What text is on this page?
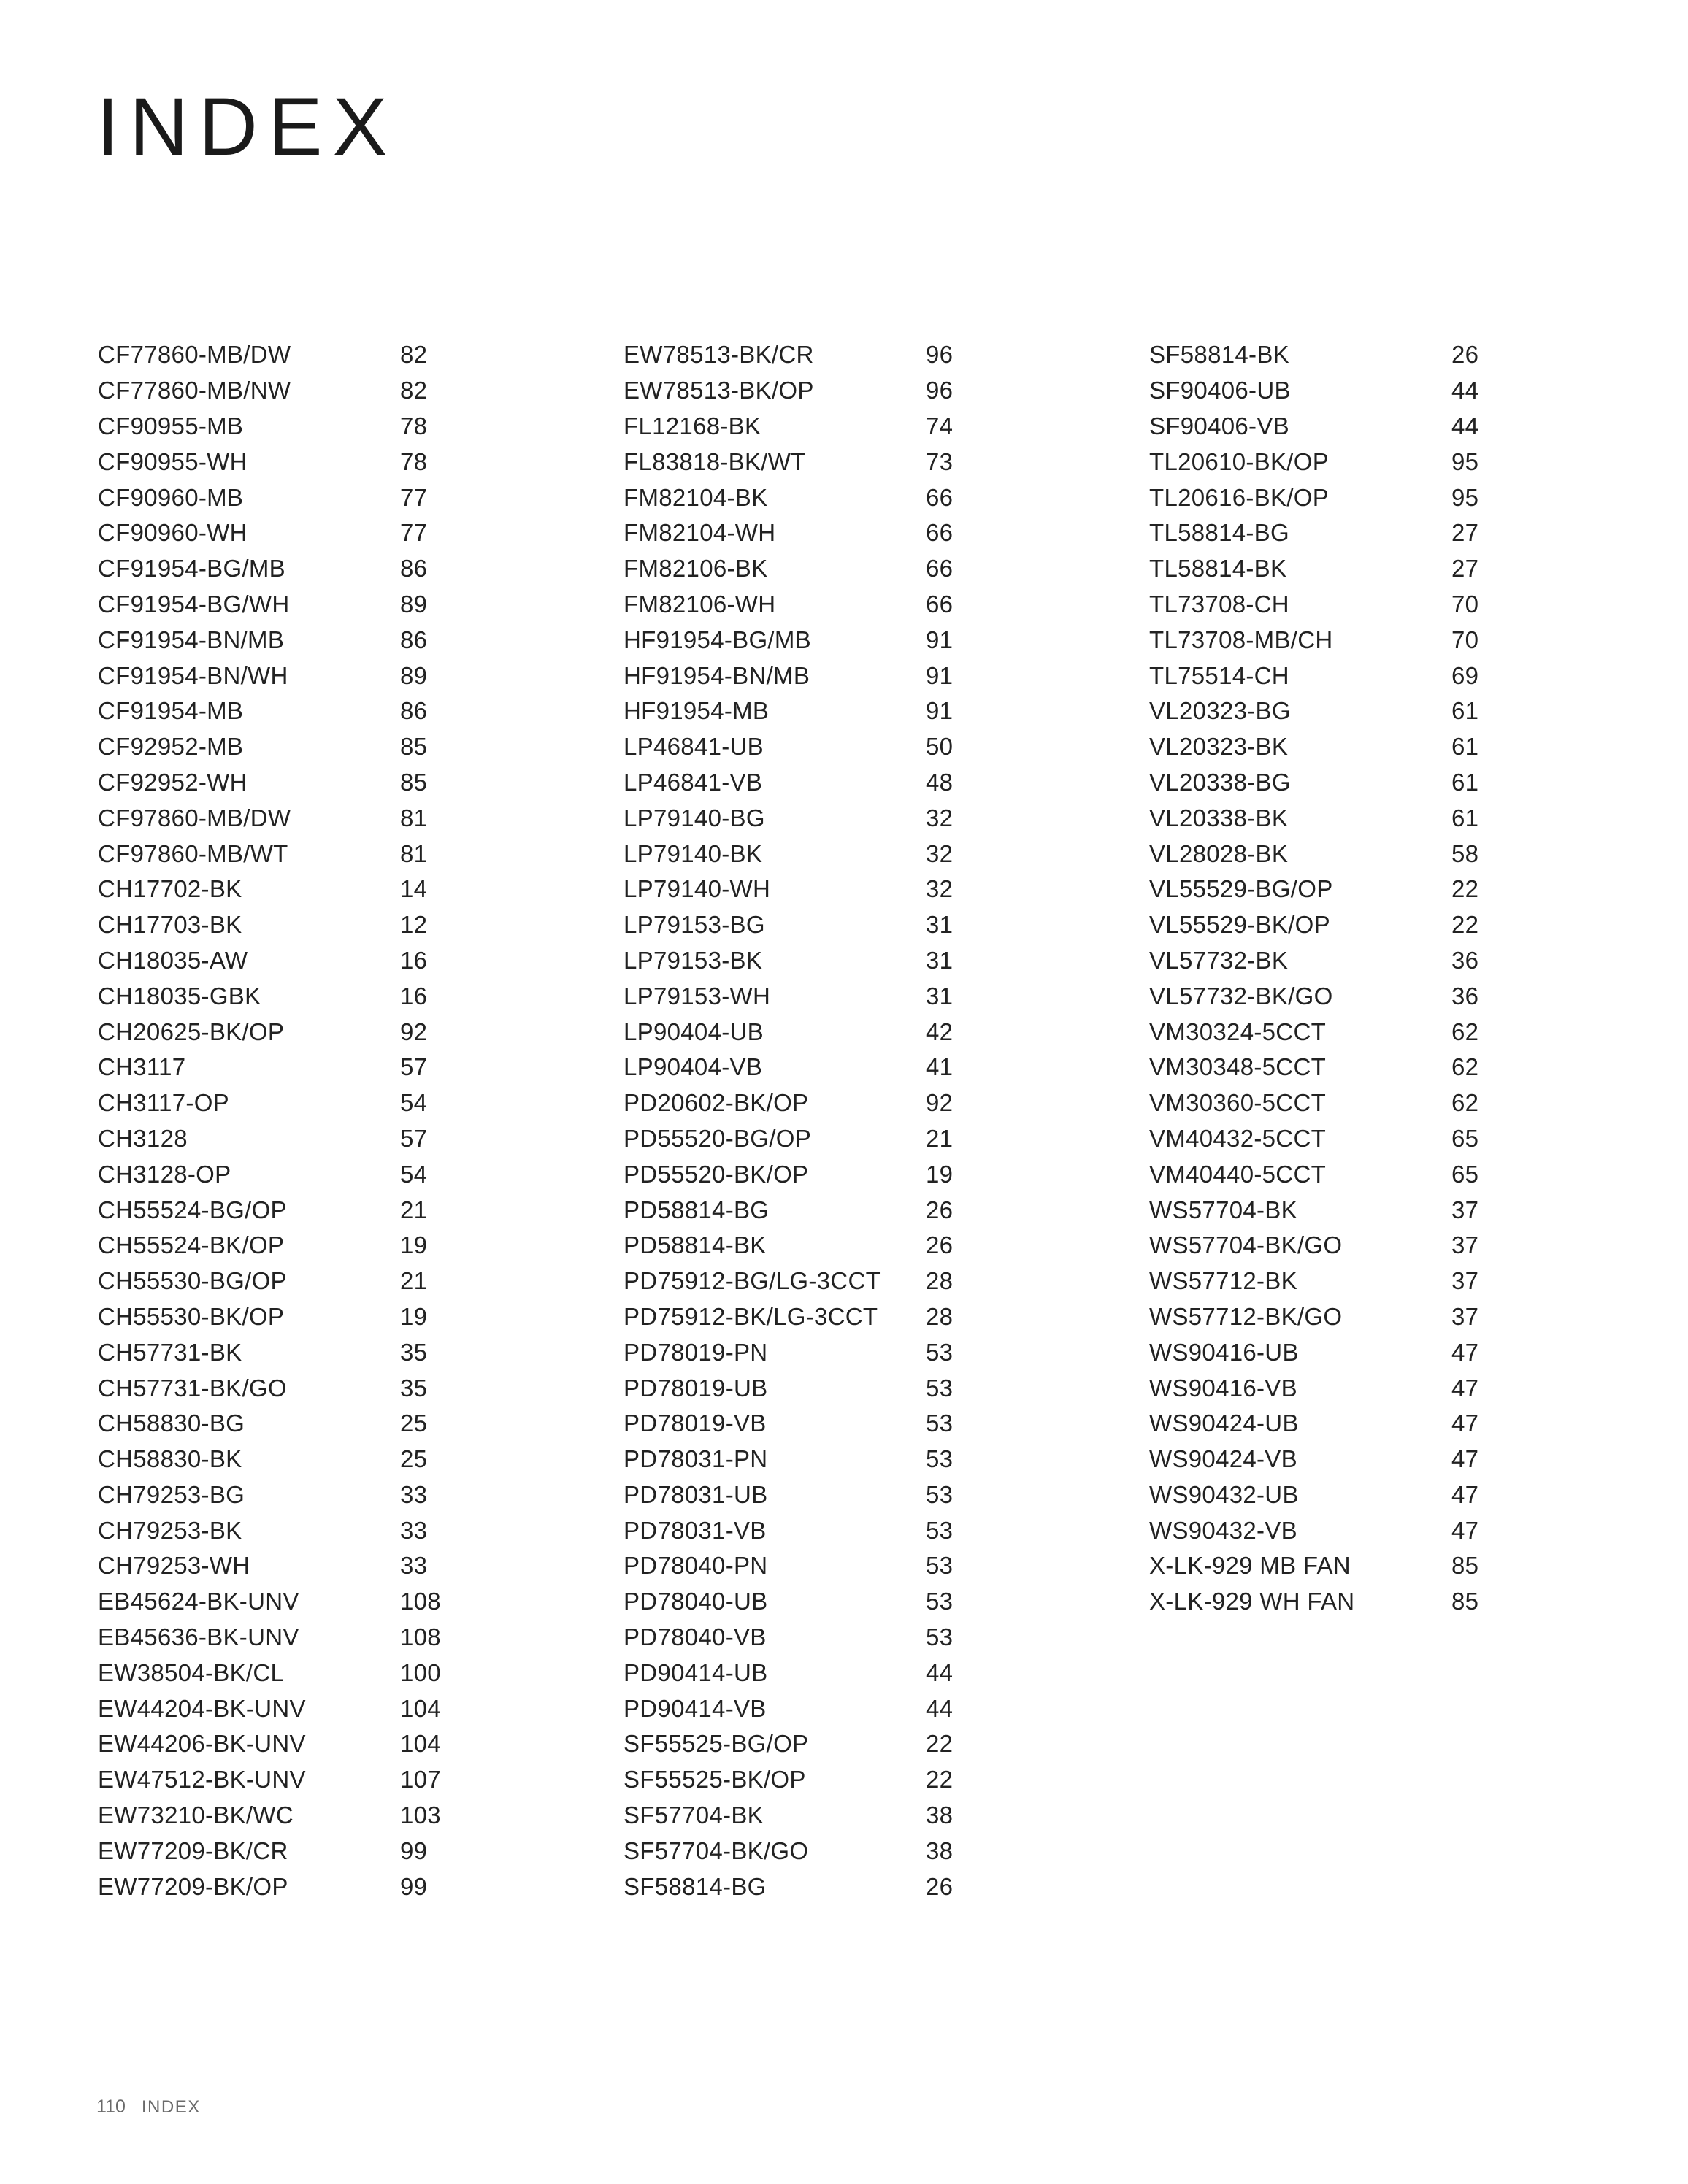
INDEX
CF77860-MB/DW	82
CF77860-MB/NW	82
CF90955-MB	78
CF90955-WH	78
CF90960-MB	77
CF90960-WH	77
CF91954-BG/MB	86
CF91954-BG/WH	89
CF91954-BN/MB	86
CF91954-BN/WH	89
CF91954-MB	86
CF92952-MB	85
CF92952-WH	85
CF97860-MB/DW	81
CF97860-MB/WT	81
CH17702-BK	14
CH17703-BK	12
CH18035-AW	16
CH18035-GBK	16
CH20625-BK/OP	92
CH3117	57
CH3117-OP	54
CH3128	57
CH3128-OP	54
CH55524-BG/OP	21
CH55524-BK/OP	19
CH55530-BG/OP	21
CH55530-BK/OP	19
CH57731-BK	35
CH57731-BK/GO	35
CH58830-BG	25
CH58830-BK	25
CH79253-BG	33
CH79253-BK	33
CH79253-WH	33
EB45624-BK-UNV	108
EB45636-BK-UNV	108
EW38504-BK/CL	100
EW44204-BK-UNV	104
EW44206-BK-UNV	104
EW47512-BK-UNV	107
EW73210-BK/WC	103
EW77209-BK/CR	99
EW77209-BK/OP	99
EW78513-BK/CR	96
EW78513-BK/OP	96
FL12168-BK	74
FL83818-BK/WT	73
FM82104-BK	66
FM82104-WH	66
FM82106-BK	66
FM82106-WH	66
HF91954-BG/MB	91
HF91954-BN/MB	91
HF91954-MB	91
LP46841-UB	50
LP46841-VB	48
LP79140-BG	32
LP79140-BK	32
LP79140-WH	32
LP79153-BG	31
LP79153-BK	31
LP79153-WH	31
LP90404-UB	42
LP90404-VB	41
PD20602-BK/OP	92
PD55520-BG/OP	21
PD55520-BK/OP	19
PD58814-BG	26
PD58814-BK	26
PD75912-BG/LG-3CCT	28
PD75912-BK/LG-3CCT	28
PD78019-PN	53
PD78019-UB	53
PD78019-VB	53
PD78031-PN	53
PD78031-UB	53
PD78031-VB	53
PD78040-PN	53
PD78040-UB	53
PD78040-VB	53
PD90414-UB	44
PD90414-VB	44
SF55525-BG/OP	22
SF55525-BK/OP	22
SF57704-BK	38
SF57704-BK/GO	38
SF58814-BG	26
SF58814-BK	26
SF90406-UB	44
SF90406-VB	44
TL20610-BK/OP	95
TL20616-BK/OP	95
TL58814-BG	27
TL58814-BK	27
TL73708-CH	70
TL73708-MB/CH	70
TL75514-CH	69
VL20323-BG	61
VL20323-BK	61
VL20338-BG	61
VL20338-BK	61
VL28028-BK	58
VL55529-BG/OP	22
VL55529-BK/OP	22
VL57732-BK	36
VL57732-BK/GO	36
VM30324-5CCT	62
VM30348-5CCT	62
VM30360-5CCT	62
VM40432-5CCT	65
VM40440-5CCT	65
WS57704-BK	37
WS57704-BK/GO	37
WS57712-BK	37
WS57712-BK/GO	37
WS90416-UB	47
WS90416-VB	47
WS90424-UB	47
WS90424-VB	47
WS90432-UB	47
WS90432-VB	47
X-LK-929 MB FAN	85
X-LK-929 WH FAN	85
110 INDEX
